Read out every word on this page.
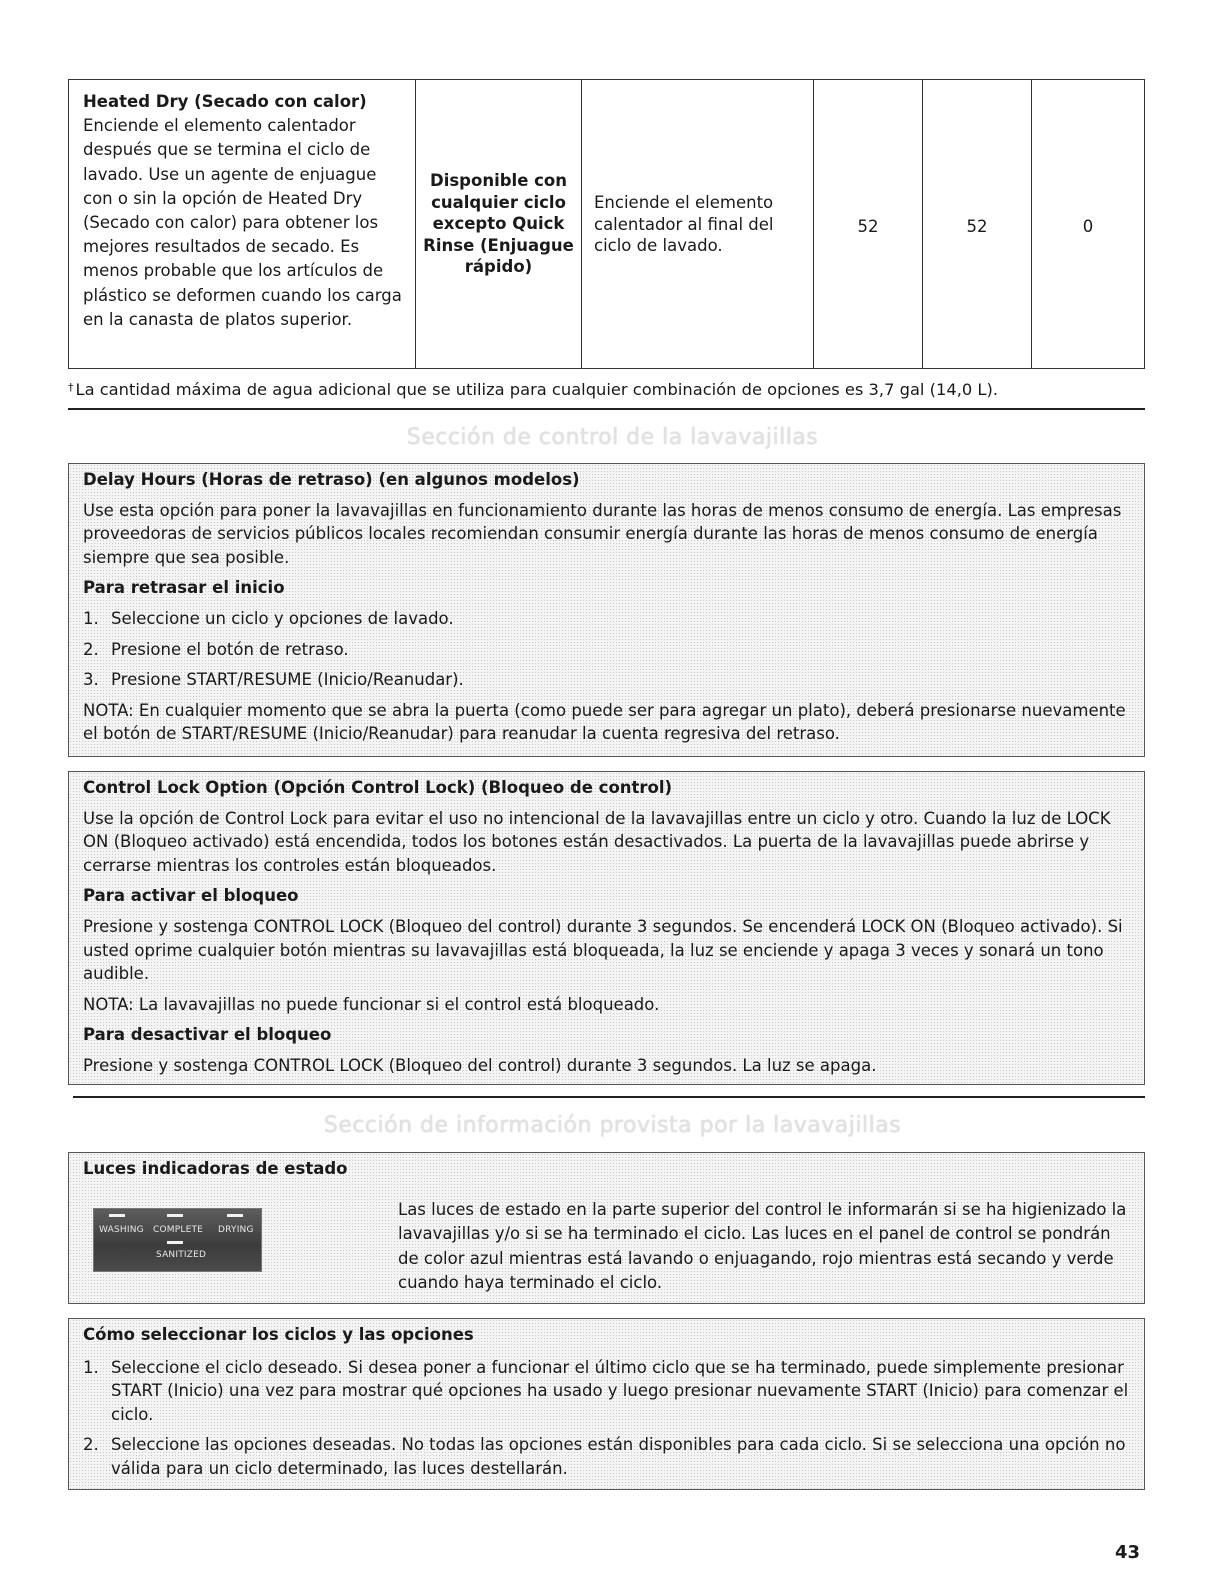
Heated Dry (Secado con calor)
Enciende el elemento calentador después que se termina el ciclo de lavado. Use un agente de enjuague con o sin la opción de Heated Dry (Secado con calor) para obtener los mejores resultados de secado. Es menos probable que los artículos de plástico se deformen cuando los carga en la canasta de platos superior.
Disponible con cualquier ciclo excepto Quick Rinse (Enjuague rápido)
Enciende el elemento calentador al final del ciclo de lavado.
52	52	0
† La cantidad máxima de agua adicional que se utiliza para cualquier combinación de opciones es 3,7 gal (14,0 L).
Sección de control de la lavavajillas
Delay Hours (Horas de retraso) (en algunos modelos)
Use esta opción para poner la lavavajillas en funcionamiento durante las horas de menos consumo de energía. Las empresas proveedoras de servicios públicos locales recomiendan consumir energía durante las horas de menos consumo de energía siempre que sea posible.
Para retrasar el inicio
1. Seleccione un ciclo y opciones de lavado.
2. Presione el botón de retraso.
3. Presione START/RESUME (Inicio/Reanudar).
NOTA: En cualquier momento que se abra la puerta (como puede ser para agregar un plato), deberá presionarse nuevamente el botón de START/RESUME (Inicio/Reanudar) para reanudar la cuenta regresiva del retraso.
Control Lock Option (Opción Control Lock) (Bloqueo de control)
Use la opción de Control Lock para evitar el uso no intencional de la lavavajillas entre un ciclo y otro. Cuando la luz de LOCK ON (Bloqueo activado) está encendida, todos los botones están desactivados. La puerta de la lavavajillas puede abrirse y cerrarse mientras los controles están bloqueados.
Para activar el bloqueo
Presione y sostenga CONTROL LOCK (Bloqueo del control) durante 3 segundos. Se encenderá LOCK ON (Bloqueo activado). Si usted oprime cualquier botón mientras su lavavajillas está bloqueada, la luz se enciende y apaga 3 veces y sonará un tono audible.
NOTA: La lavavajillas no puede funcionar si el control está bloqueado.
Para desactivar el bloqueo
Presione y sostenga CONTROL LOCK (Bloqueo del control) durante 3 segundos. La luz se apaga.
Sección de información provista por la lavavajillas
Luces indicadoras de estado
Las luces de estado en la parte superior del control le informarán si se ha higienizado la lavavajillas y/o si se ha terminado el ciclo. Las luces en el panel de control se pondrán de color azul mientras está lavando o enjuagando, rojo mientras está secando y verde cuando haya terminado el ciclo.
WASHING COMPLETE DRYING
SANITIZED
Cómo seleccionar los ciclos y las opciones
1. Seleccione el ciclo deseado. Si desea poner a funcionar el último ciclo que se ha terminado, puede simplemente presionar START (Inicio) una vez para mostrar qué opciones ha usado y luego presionar nuevamente START (Inicio) para comenzar el ciclo.
2. Seleccione las opciones deseadas. No todas las opciones están disponibles para cada ciclo. Si se selecciona una opción no válida para un ciclo determinado, las luces destellarán.
43
